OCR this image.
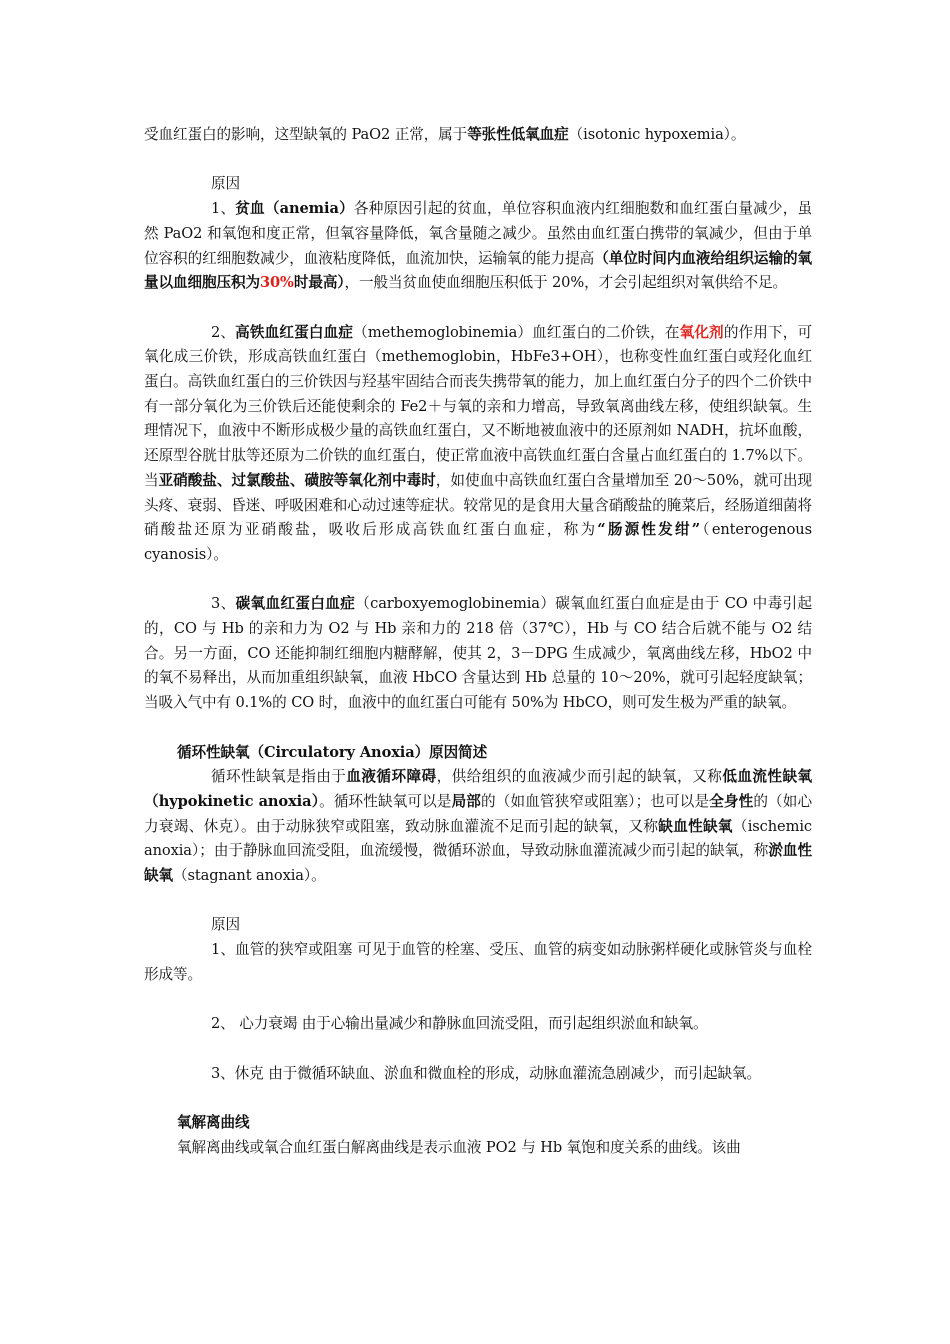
受血红蛋白的影响，这型缺氧的 PaO2 正常，属于等张性低氧血症（isotonic hypoxemia）。

原因

1、贫血（anemia）各种原因引起的贫血，单位容积血液内红细胞数和血红蛋白量减少，虽然 PaO2 和氧饱和度正常，但氧容量降低，氧含量随之减少。虽然由血红蛋白携带的氧减少，但由于单位容积的红细胞数减少，血液粘度降低，血流加快，运输氧的能力提高（单位时间内血液给组织运输的氧量以血细胞压积为30%时最高），一般当贫血使血细胞压积低于 20%，才会引起组织对氧供给不足。

2、高铁血红蛋白血症（methemoglobinemia）血红蛋白的二价铁，在氧化剂的作用下，可氧化成三价铁，形成高铁血红蛋白（methemoglobin，HbFe3+OH），也称变性血红蛋白或羟化血红蛋白。高铁血红蛋白的三价铁因与羟基牢固结合而丧失携带氧的能力，加上血红蛋白分子的四个二价铁中有一部分氧化为三价铁后还能使剩余的 Fe2＋与氧的亲和力增高，导致氧离曲线左移，使组织缺氧。生理情况下，血液中不断形成极少量的高铁血红蛋白，又不断地被血液中的还原剂如 NADH，抗坏血酸，还原型谷胱甘肽等还原为二价铁的血红蛋白，使正常血液中高铁血红蛋白含量占血红蛋白的 1.7%以下。当亚硝酸盐、过氯酸盐、磺胺等氧化剂中毒时，如使血中高铁血红蛋白含量增加至 20～50%，就可出现头疼、衰弱、昏迷、呼吸困难和心动过速等症状。较常见的是食用大量含硝酸盐的腌菜后，经肠道细菌将硝酸盐还原为亚硝酸盐，吸收后形成高铁血红蛋白血症，称为“肠源性发绀”（enterogenous cyanosis）。

3、碳氧血红蛋白血症（carboxyemoglobinemia）碳氧血红蛋白血症是由于 CO 中毒引起的，CO 与 Hb 的亲和力为 O2 与 Hb 亲和力的 218 倍（37℃），Hb 与 CO 结合后就不能与 O2 结合。另一方面，CO 还能抑制红细胞内糖酵解，使其 2，3－DPG 生成减少，氧离曲线左移，HbO2 中的氧不易释出，从而加重组织缺氧，血液 HbCO 含量达到 Hb 总量的 10～20%，就可引起轻度缺氧；当吸入气中有 0.1%的 CO 时，血液中的血红蛋白可能有 50%为 HbCO，则可发生极为严重的缺氧。

循环性缺氧（Circulatory Anoxia）原因简述

循环性缺氧是指由于血液循环障碍，供给组织的血液减少而引起的缺氧，又称低血流性缺氧（hypokinetic anoxia）。循环性缺氧可以是局部的（如血管狭窄或阻塞）；也可以是全身性的（如心力衰竭、休克）。由于动脉狭窄或阻塞，致动脉血灌流不足而引起的缺氧，又称缺血性缺氧（ischemic anoxia）；由于静脉血回流受阻，血流缓慢，微循环淤血，导致动脉血灌流减少而引起的缺氧，称淤血性缺氧（stagnant anoxia）。

原因

1、血管的狭窄或阻塞 可见于血管的栓塞、受压、血管的病变如动脉粥样硬化或脉管炎与血栓形成等。

2、 心力衰竭 由于心输出量减少和静脉血回流受阻，而引起组织淤血和缺氧。

3、休克 由于微循环缺血、淤血和微血栓的形成，动脉血灌流急剧减少，而引起缺氧。

氧解离曲线

氧解离曲线或氧合血红蛋白解离曲线是表示血液 PO2 与 Hb 氧饱和度关系的曲线。该曲
